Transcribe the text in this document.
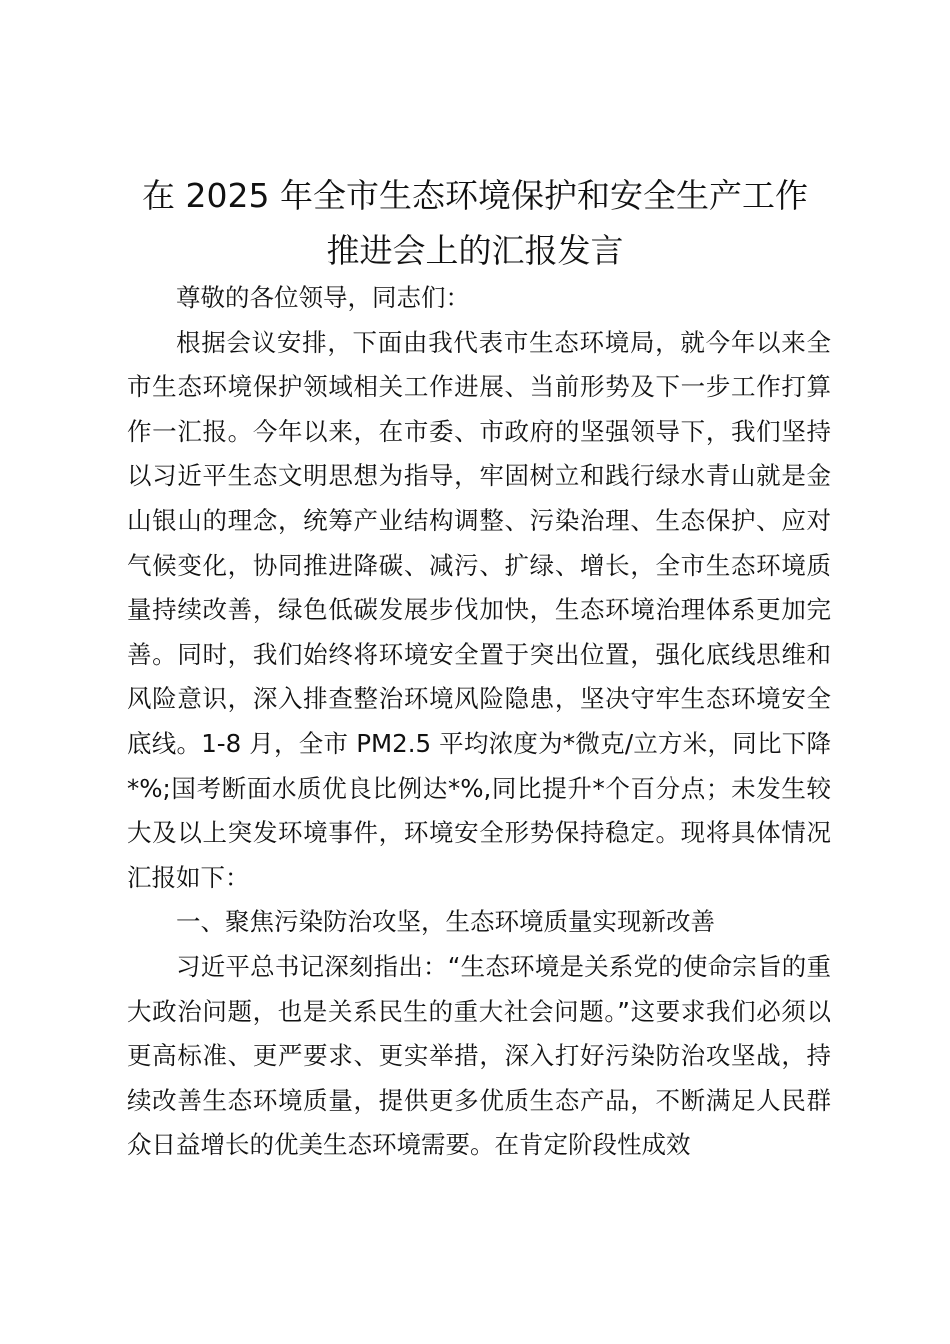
在 2025 年全市生态环境保护和安全生产工作
推进会上的汇报发言

尊敬的各位领导，同志们：

根据会议安排，下面由我代表市生态环境局，就今年以来全市生态环境保护领域相关工作进展、当前形势及下一步工作打算作一汇报。今年以来，在市委、市政府的坚强领导下，我们坚持以习近平生态文明思想为指导，牢固树立和践行绿水青山就是金山银山的理念，统筹产业结构调整、污染治理、生态保护、应对气候变化，协同推进降碳、减污、扩绿、增长，全市生态环境质量持续改善，绿色低碳发展步伐加快，生态环境治理体系更加完善。同时，我们始终将环境安全置于突出位置，强化底线思维和风险意识，深入排查整治环境风险隐患，坚决守牢生态环境安全底线。1-8 月，全市 PM2.5 平均浓度为*微克/立方米，同比下降*%;国考断面水质优良比例达*%,同比提升*个百分点；未发生较大及以上突发环境事件，环境安全形势保持稳定。现将具体情况汇报如下：

一、聚焦污染防治攻坚，生态环境质量实现新改善

习近平总书记深刻指出：“生态环境是关系党的使命宗旨的重大政治问题，也是关系民生的重大社会问题。”这要求我们必须以更高标准、更严要求、更实举措，深入打好污染防治攻坚战，持续改善生态环境质量，提供更多优质生态产品，不断满足人民群众日益增长的优美生态环境需要。在肯定阶段性成效
